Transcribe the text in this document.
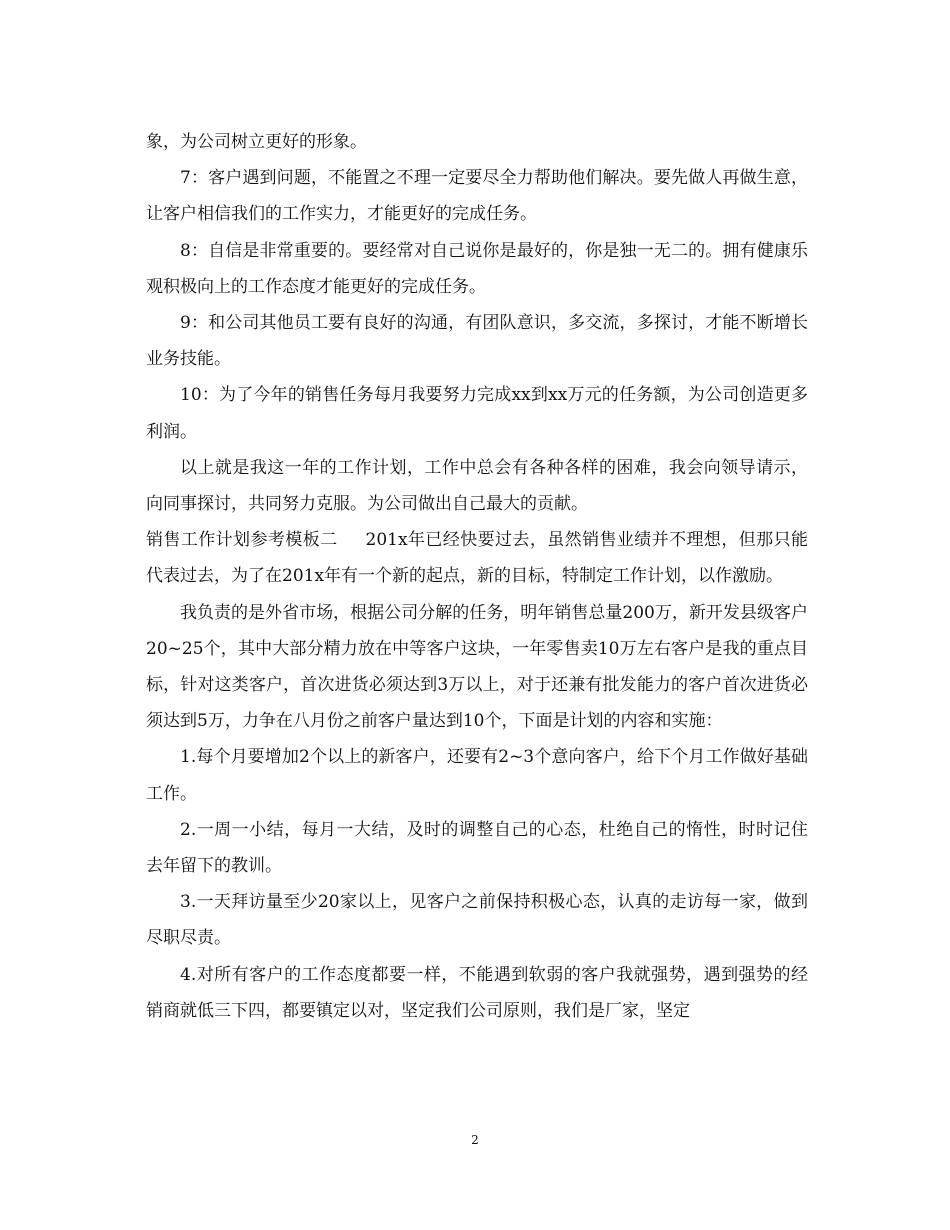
象，为公司树立更好的形象。

7：客户遇到问题，不能置之不理一定要尽全力帮助他们解决。要先做人再做生意，让客户相信我们的工作实力，才能更好的完成任务。

8：自信是非常重要的。要经常对自己说你是最好的，你是独一无二的。拥有健康乐观积极向上的工作态度才能更好的完成任务。

9：和公司其他员工要有良好的沟通，有团队意识，多交流，多探讨，才能不断增长业务技能。

10：为了今年的销售任务每月我要努力完成xx到xx万元的任务额，为公司创造更多利润。

以上就是我这一年的工作计划，工作中总会有各种各样的困难，我会向领导请示，向同事探讨，共同努力克服。为公司做出自己最大的贡献。

销售工作计划参考模板二 201x年已经快要过去，虽然销售业绩并不理想，但那只能代表过去，为了在201x年有一个新的起点，新的目标，特制定工作计划，以作激励。

我负责的是外省市场，根据公司分解的任务，明年销售总量200万，新开发县级客户20~25个，其中大部分精力放在中等客户这块，一年零售卖10万左右客户是我的重点目标，针对这类客户，首次进货必须达到3万以上，对于还兼有批发能力的客户首次进货必须达到5万，力争在八月份之前客户量达到10个，下面是计划的内容和实施：

1.每个月要增加2个以上的新客户，还要有2~3个意向客户，给下个月工作做好基础工作。

2.一周一小结，每月一大结，及时的调整自己的心态，杜绝自己的惰性，时时记住去年留下的教训。

3.一天拜访量至少20家以上，见客户之前保持积极心态，认真的走访每一家，做到尽职尽责。

4.对所有客户的工作态度都要一样，不能遇到软弱的客户我就强势，遇到强势的经销商就低三下四，都要镇定以对，坚定我们公司原则，我们是厂家，坚定

2
